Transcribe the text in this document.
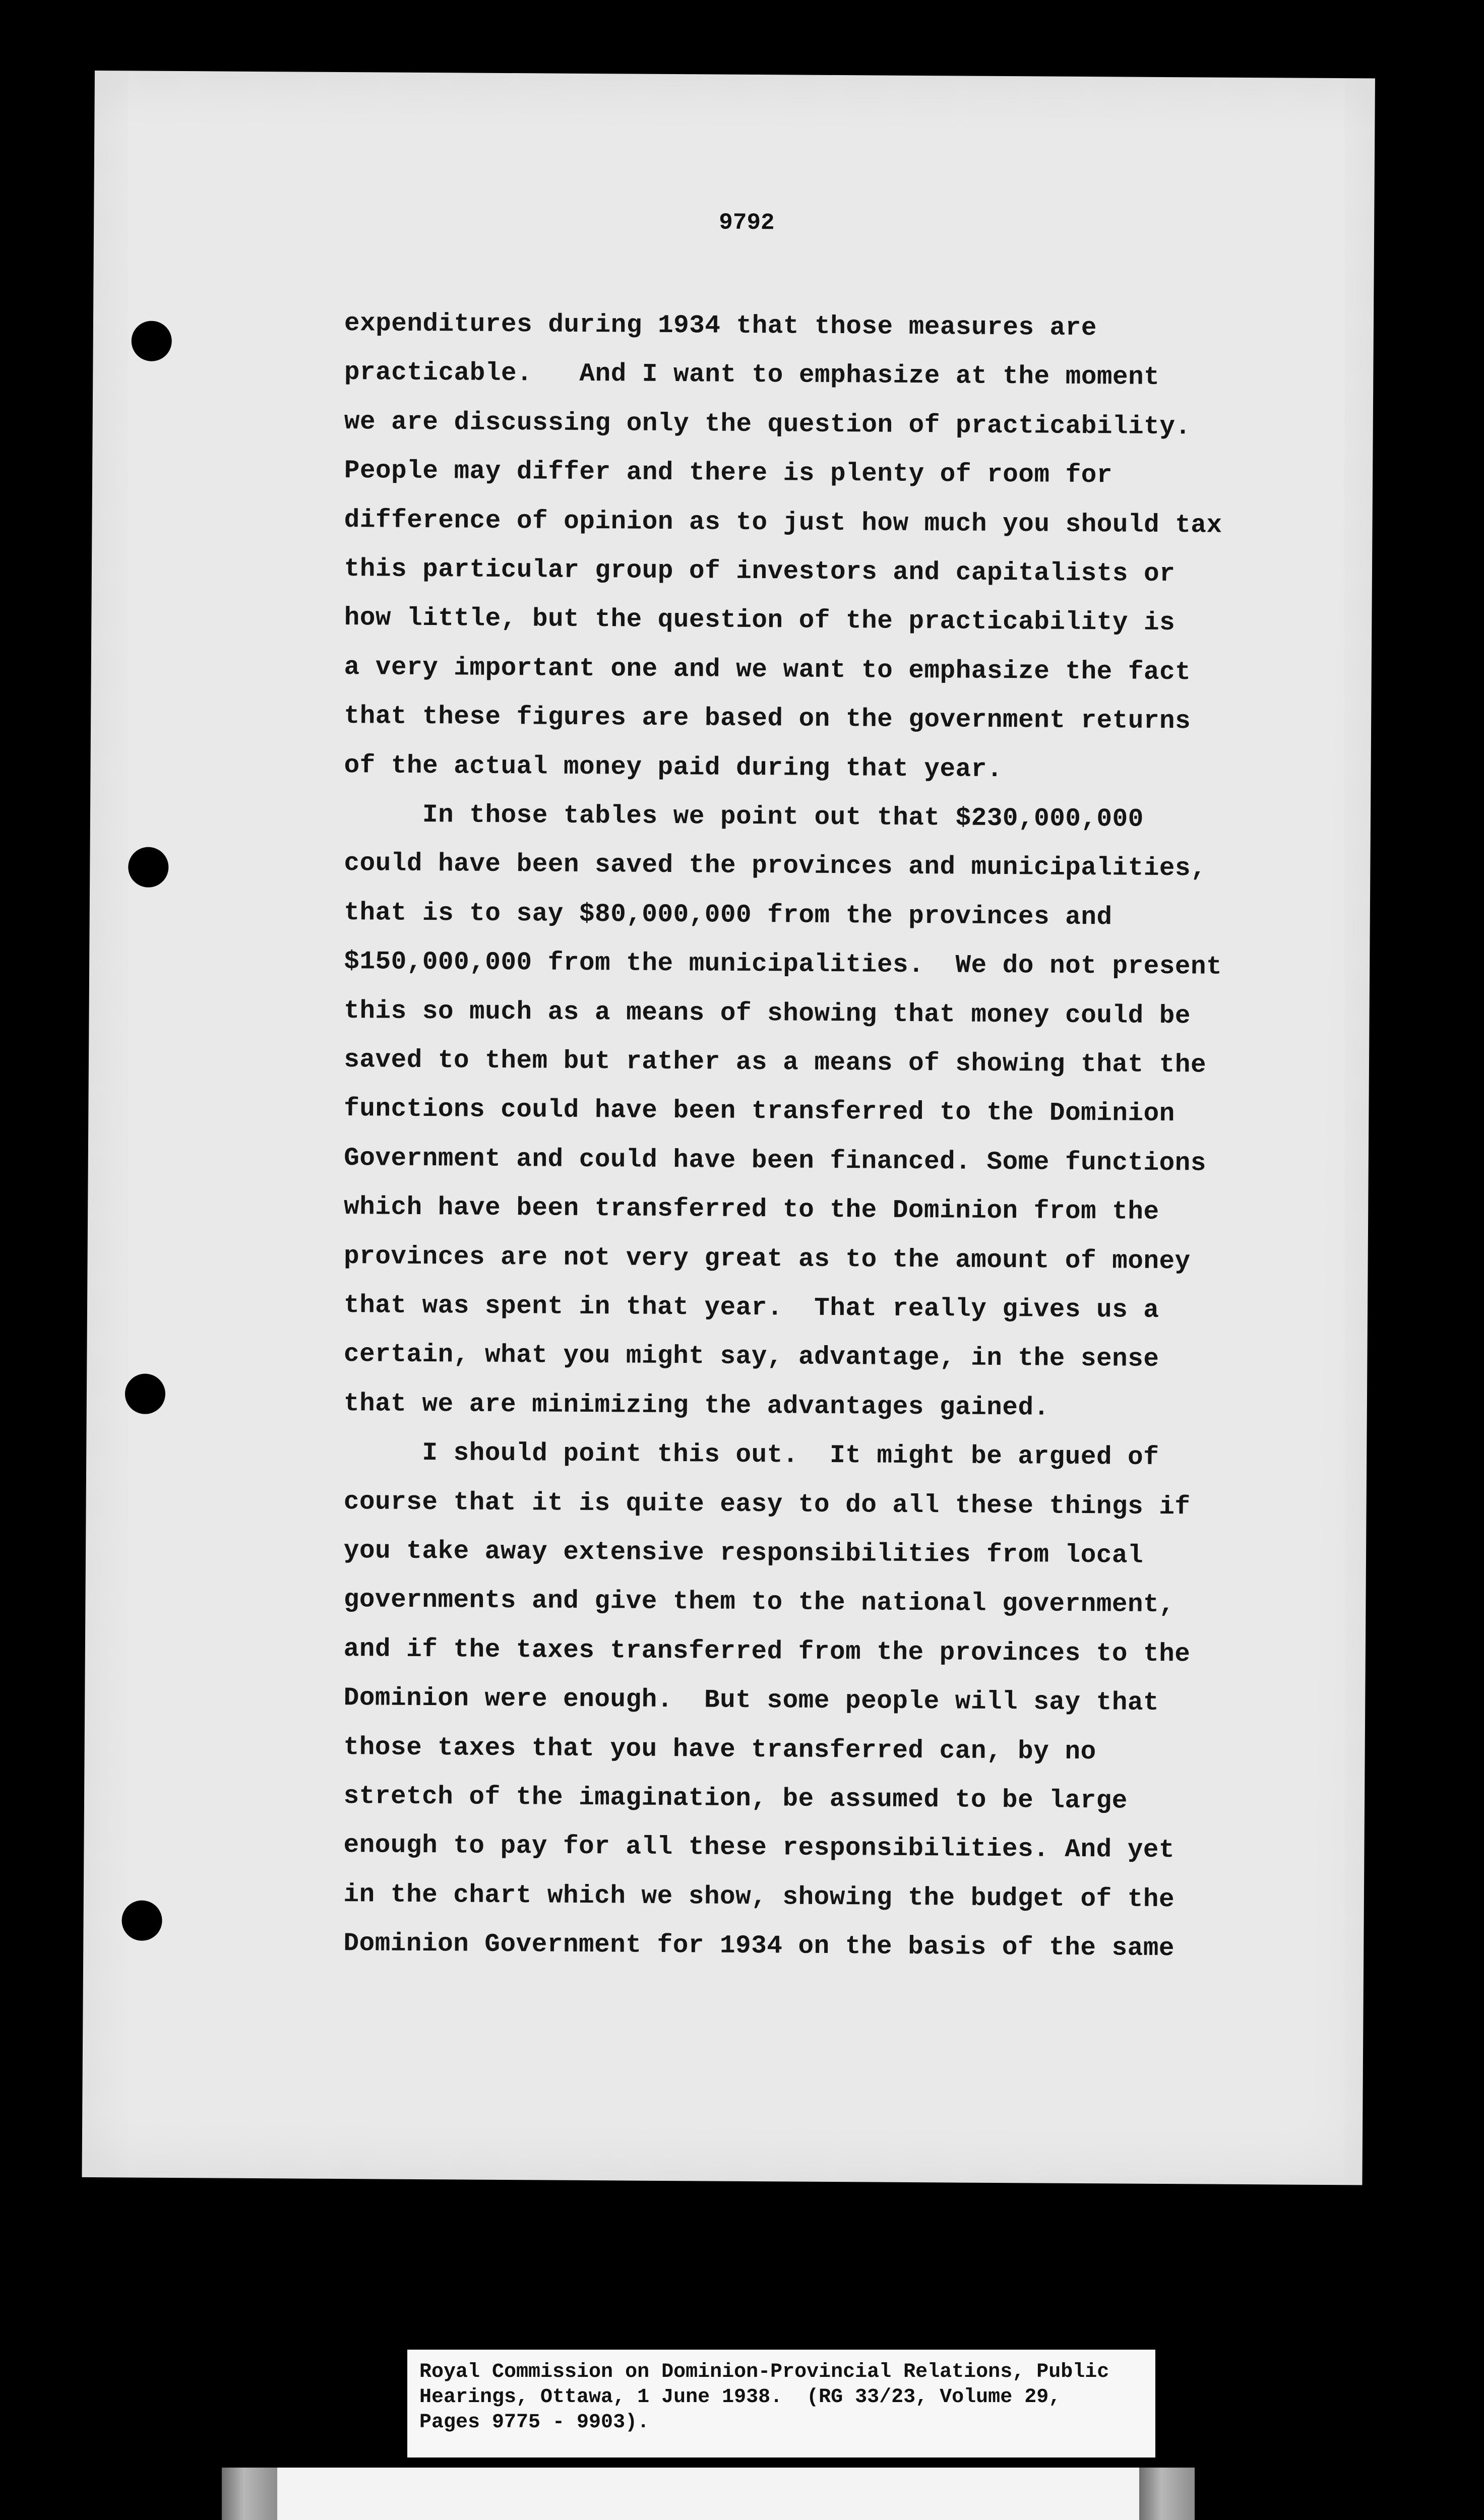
9792
expenditures during 1934 that those measures are
practicable.   And I want to emphasize at the moment
we are discussing only the question of practicability.
People may differ and there is plenty of room for
difference of opinion as to just how much you should tax
this particular group of investors and capitalists or
how little, but the question of the practicability is
a very important one and we want to emphasize the fact
that these figures are based on the government returns
of the actual money paid during that year.
In those tables we point out that $230,000,000
could have been saved the provinces and municipalities,
that is to say $80,000,000 from the provinces and
$150,000,000 from the municipalities.  We do not present
this so much as a means of showing that money could be
saved to them but rather as a means of showing that the
functions could have been transferred to the Dominion
Government and could have been financed. Some functions
which have been transferred to the Dominion from the
provinces are not very great as to the amount of money
that was spent in that year.  That really gives us a
certain, what you might say, advantage, in the sense
that we are minimizing the advantages gained.
I should point this out.  It might be argued of
course that it is quite easy to do all these things if
you take away extensive responsibilities from local
governments and give them to the national government,
and if the taxes transferred from the provinces to the
Dominion were enough.  But some people will say that
those taxes that you have transferred can, by no
stretch of the imagination, be assumed to be large
enough to pay for all these responsibilities. And yet
in the chart which we show, showing the budget of the
Dominion Government for 1934 on the basis of the same
Royal Commission on Dominion-Provincial Relations, Public
Hearings, Ottawa, 1 June 1938.  (RG 33/23, Volume 29,
Pages 9775 - 9903).
